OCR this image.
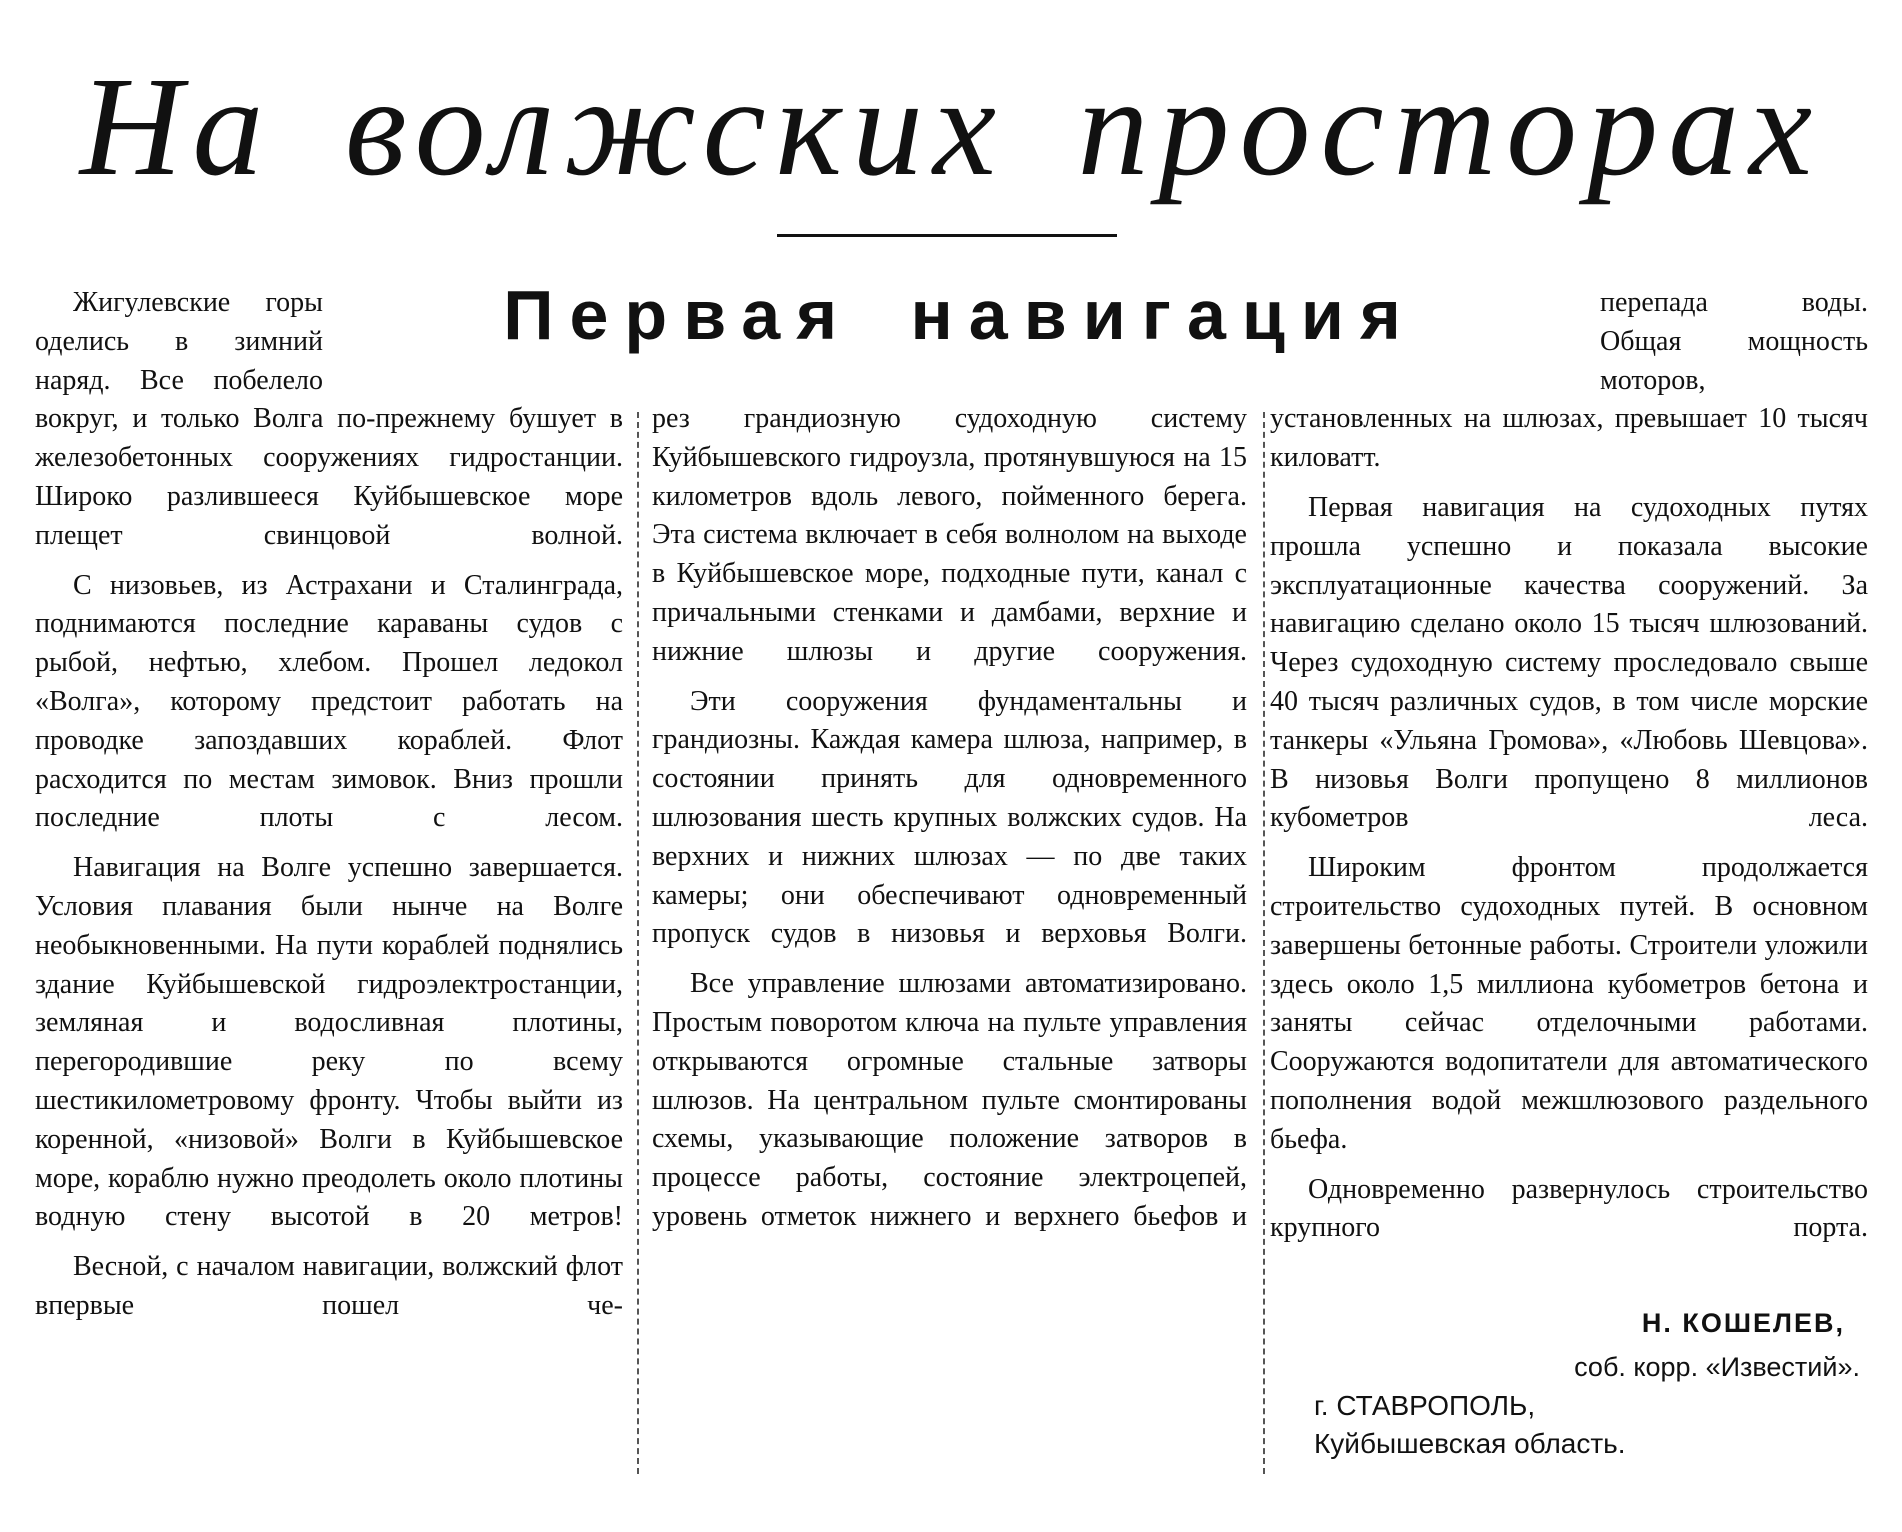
На волжских просторах
Первая навигация

Жигулевские горы оделись в зимний наряд. Все побелело вокруг, и только Волга по-прежнему бушует в железобетонных сооружениях гидростанции. Широко разлившееся Куйбышевское море плещет свинцовой волной.

С низовьев, из Астрахани и Сталинграда, поднимаются последние караваны судов с рыбой, нефтью, хлебом. Прошел ледокол «Волга», которому предстоит работать на проводке запоздавших кораблей. Флот расходится по местам зимовок. Вниз прошли последние плоты с лесом.

Навигация на Волге успешно завершается. Условия плавания были нынче на Волге необыкновенными. На пути кораблей поднялись здание Куйбышевской гидроэлектростанции, земляная и водосливная плотины, перегородившие реку по всему шестикилометровому фронту. Чтобы выйти из коренной, «низовой» Волги в Куйбышевское море, кораблю нужно преодолеть около плотины водную стену высотой в 20 метров!

Весной, с началом навигации, волжский флот впервые пошел че-

рез грандиозную судоходную систему Куйбышевского гидроузла, протянувшуюся на 15 километров вдоль левого, пойменного берега. Эта система включает в себя волнолом на выходе в Куйбышевское море, подходные пути, канал с причальными стенками и дамбами, верхние и нижние шлюзы и другие сооружения.

Эти сооружения фундаментальны и грандиозны. Каждая камера шлюза, например, в состоянии принять для одновременного шлюзования шесть крупных волжских судов. На верхних и нижних шлюзах — по две таких камеры; они обеспечивают одновременный пропуск судов в низовья и верховья Волги.

Все управление шлюзами автоматизировано. Простым поворотом ключа на пульте управления открываются огромные стальные затворы шлюзов. На центральном пульте смонтированы схемы, указывающие положение затворов в процессе работы, состояние электроцепей, уровень отметок нижнего и верхнего бьефов и

перепада воды. Общая мощность моторов, установленных на шлюзах, превышает 10 тысяч киловатт.

Первая навигация на судоходных путях прошла успешно и показала высокие эксплуатационные качества сооружений. За навигацию сделано около 15 тысяч шлюзований. Через судоходную систему проследовало свыше 40 тысяч различных судов, в том числе морские танкеры «Ульяна Громова», «Любовь Шевцова». В низовья Волги пропущено 8 миллионов кубометров леса.

Широким фронтом продолжается строительство судоходных путей. В основном завершены бетонные работы. Строители уложили здесь около 1,5 миллиона кубометров бетона и заняты сейчас отделочными работами. Сооружаются водопитатели для автоматического пополнения водой межшлюзового раздельного бьефа.

Одновременно развернулось строительство крупного порта.

Н. КОШЕЛЕВ,
соб. корр. «Известий».
г. СТАВРОПОЛЬ,
Куйбышевская область.
